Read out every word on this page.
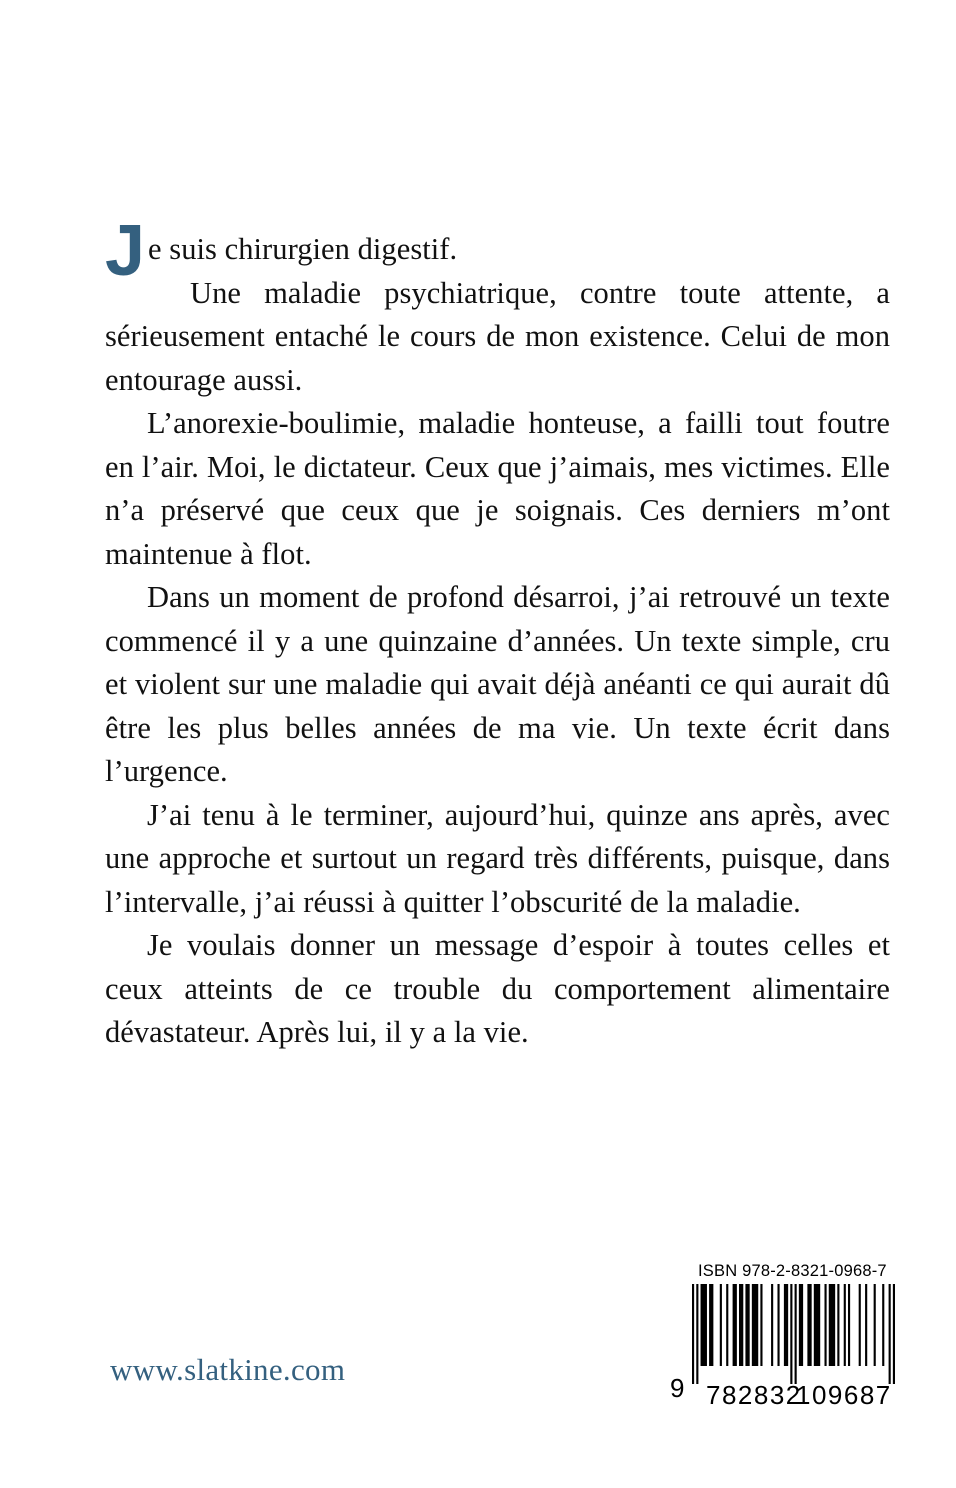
Je suis chirurgien digestif.

Une maladie psychiatrique, contre toute attente, a sérieusement entaché le cours de mon existence. Celui de mon entourage aussi.

L’anorexie-boulimie, maladie honteuse, a failli tout foutre en l’air. Moi, le dictateur. Ceux que j’aimais, mes victimes. Elle n’a préservé que ceux que je soignais. Ces derniers m’ont maintenue à flot.

Dans un moment de profond désarroi, j’ai retrouvé un texte commencé il y a une quinzaine d’années. Un texte simple, cru et violent sur une maladie qui avait déjà anéanti ce qui aurait dû être les plus belles années de ma vie. Un texte écrit dans l’urgence.

J’ai tenu à le terminer, aujourd’hui, quinze ans après, avec une approche et surtout un regard très différents, puisque, dans l’intervalle, j’ai réussi à quitter l’obscurité de la maladie.

Je voulais donner un message d’espoir à toutes celles et ceux atteints de ce trouble du comportement alimentaire dévastateur. Après lui, il y a la vie.

www.slatkine.com
ISBN 978-2-8321-0968-7
9 782832
109687
